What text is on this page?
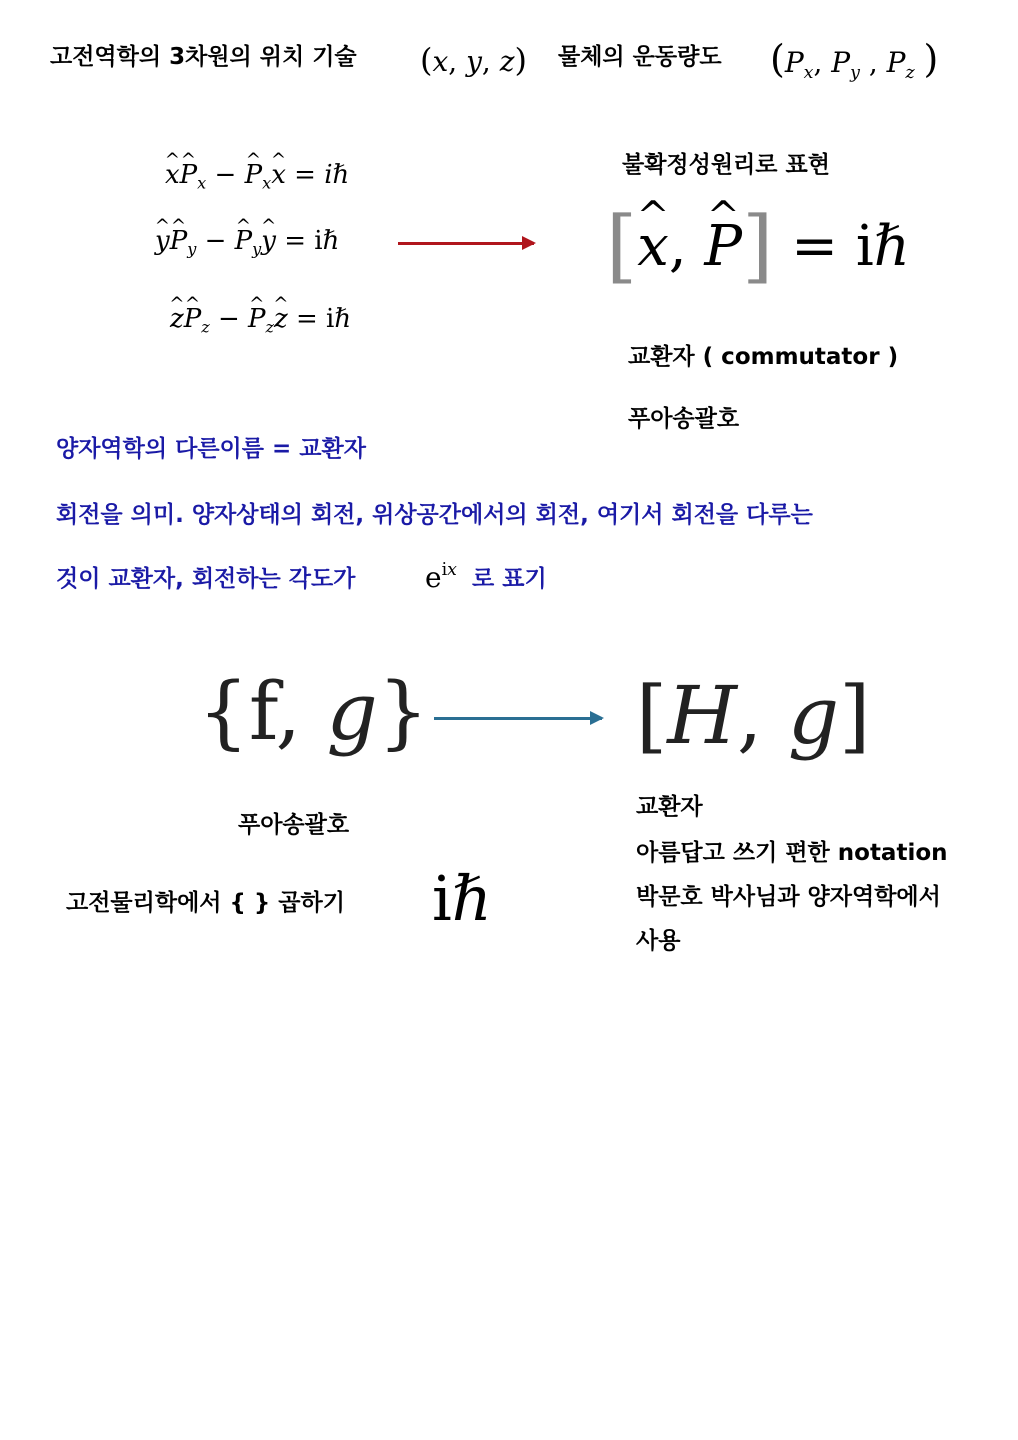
고전역학의 3차원의 위치 기술 (x, y, z) 물체의 운동량도 ($P_x$, $P_y$ , $P_z$ )
^ x^ $P_x$ − ^ $P_x\^{}$ x = iℏ
^ y^ $P_y$ − ^ $P_y\^{}$ y = iℏ
^ z^ $P_z$ − ^ $P_z\^{}$ z = iℏ
불확정성원리로 표현
[^ x, ^ P] = iℏ
교환자 ( commutator )
푸아송괄호
양자역학의 다른이름 = 교환자
회전을 의미. 양자상태의 회전, 위상공간에서의 회전, 여기서 회전을 다루는
것이 교환자, 회전하는 각도가 $e^{ix}$ 로 표기
{f, g}	[H, g]
푸아송괄호
고전물리학에서 { } 곱하기 iℏ
교환자
아름답고 쓰기 편한 notation
박문호 박사님과 양자역학에서
사용
